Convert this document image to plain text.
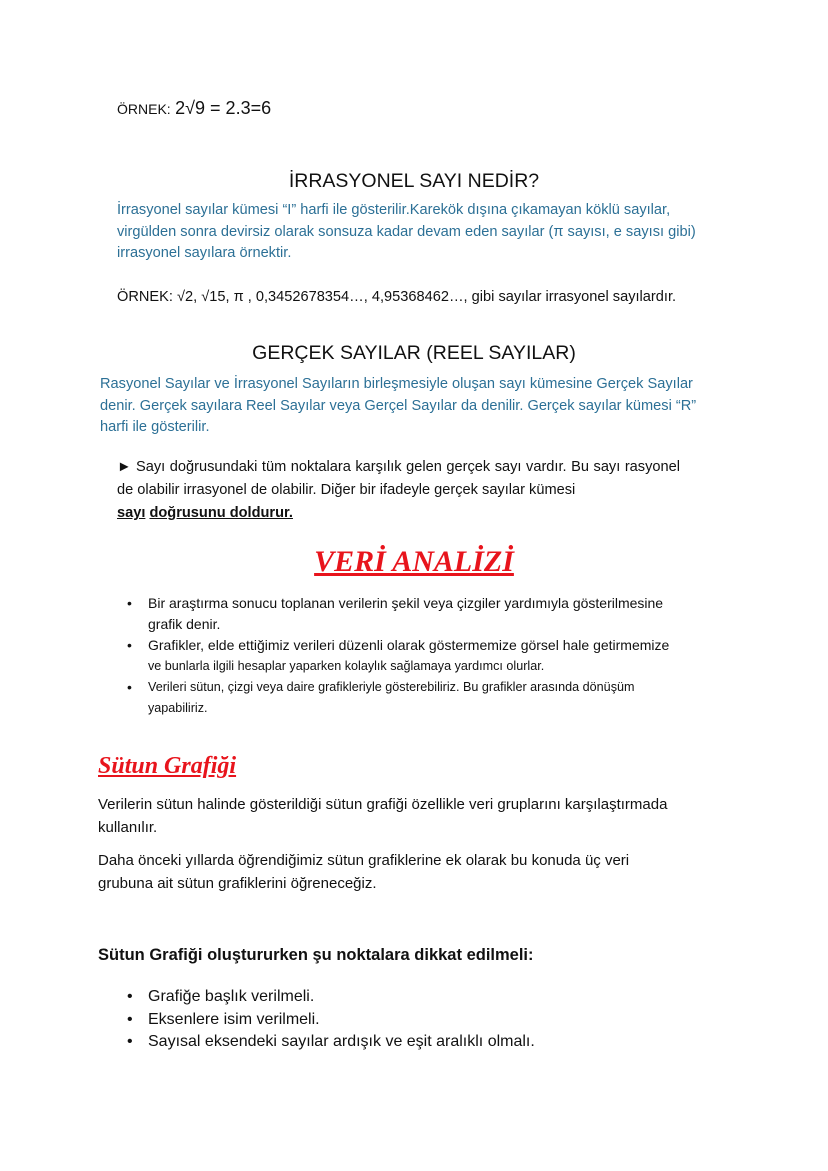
ÖRNEK: 2√9 = 2.3=6
İRRASYONEL SAYI NEDİR?
İrrasyonel sayılar kümesi “I” harfi ile gösterilir.Karekök dışına çıkamayan köklü sayılar,
virgülden sonra devirsiz olarak sonsuza kadar devam eden sayılar (π sayısı, e sayısı gibi)
irrasyonel sayılara örnektir.
ÖRNEK: √2, √15, π , 0,3452678354…, 4,95368462…, gibi sayılar irrasyonel sayılardır.
GERÇEK SAYILAR (REEL SAYILAR)
Rasyonel Sayılar ve İrrasyonel Sayıların birleşmesiyle oluşan sayı kümesine Gerçek Sayılar
denir. Gerçek sayılara Reel Sayılar veya Gerçel Sayılar da denilir. Gerçek sayılar kümesi “R”
harfi ile gösterilir.
► Sayı doğrusundaki tüm noktalara karşılık gelen gerçek sayı vardır. Bu sayı rasyonel de olabilir irrasyonel de olabilir. Diğer bir ifadeyle gerçek sayılar kümesi
sayı doğrusunu doldurur.
VERİ ANALİZİ
• Bir araştırma sonucu toplanan verilerin şekil veya çizgiler yardımıyla gösterilmesine
grafik denir.
• Grafikler, elde ettiğimiz verileri düzenli olarak göstermemize görsel hale getirmemize
ve bunlarla ilgili hesaplar yaparken kolaylık sağlamaya yardımcı olurlar.
• Verileri sütun, çizgi veya daire grafikleriyle gösterebiliriz. Bu grafikler arasında dönüşüm
yapabiliriz.
Sütun Grafiği
Verilerin sütun halinde gösterildiği sütun grafiği özellikle veri gruplarını karşılaştırmada
kullanılır.
Daha önceki yıllarda öğrendiğimiz sütun grafiklerine ek olarak bu konuda üç veri
grubuna ait sütun grafiklerini öğreneceğiz.
Sütun Grafiği oluştururken şu noktalara dikkat edilmeli:
• Grafiğe başlık verilmeli.
• Eksenlere isim verilmeli.
• Sayısal eksendeki sayılar ardışık ve eşit aralıklı olmalı.
